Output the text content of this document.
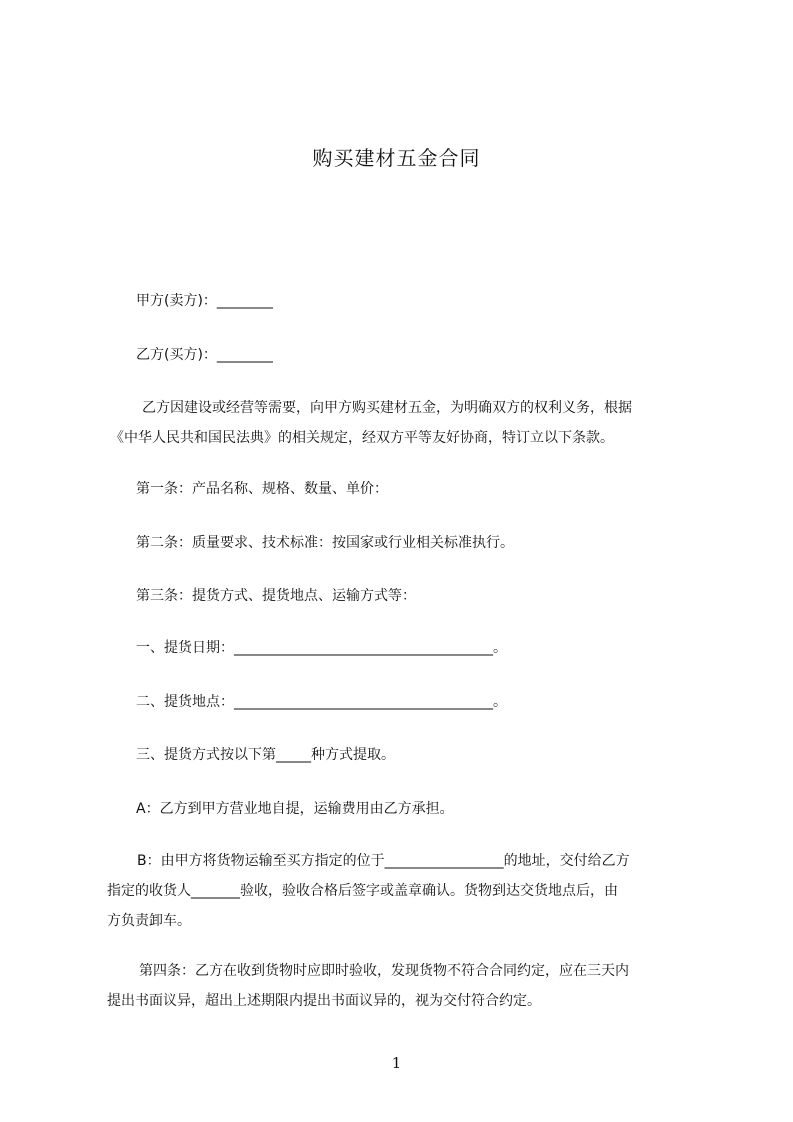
购买建材五金合同
甲方(卖方)：________
乙方(买方)：________
乙方因建设或经营等需要，向甲方购买建材五金，为明确双方的权利义务，根据
《中华人民共和国民法典》的相关规定，经双方平等友好协商，特订立以下条款。
第一条：产品名称、规格、数量、单价：
第二条：质量要求、技术标准：按国家或行业相关标准执行。
第三条：提货方式、提货地点、运输方式等：
一、提货日期：_____________________________________。
二、提货地点：_____________________________________。
三、提货方式按以下第_____种方式提取。
A：乙方到甲方营业地自提，运输费用由乙方承担。
B：由甲方将货物运输至买方指定的位于_________________的地址，交付给乙方
指定的收货人_______验收，验收合格后签字或盖章确认。货物到达交货地点后，由
方负责卸车。
第四条：乙方在收到货物时应即时验收，发现货物不符合合同约定，应在三天内
提出书面议异，超出上述期限内提出书面议异的，视为交付符合约定。
1
